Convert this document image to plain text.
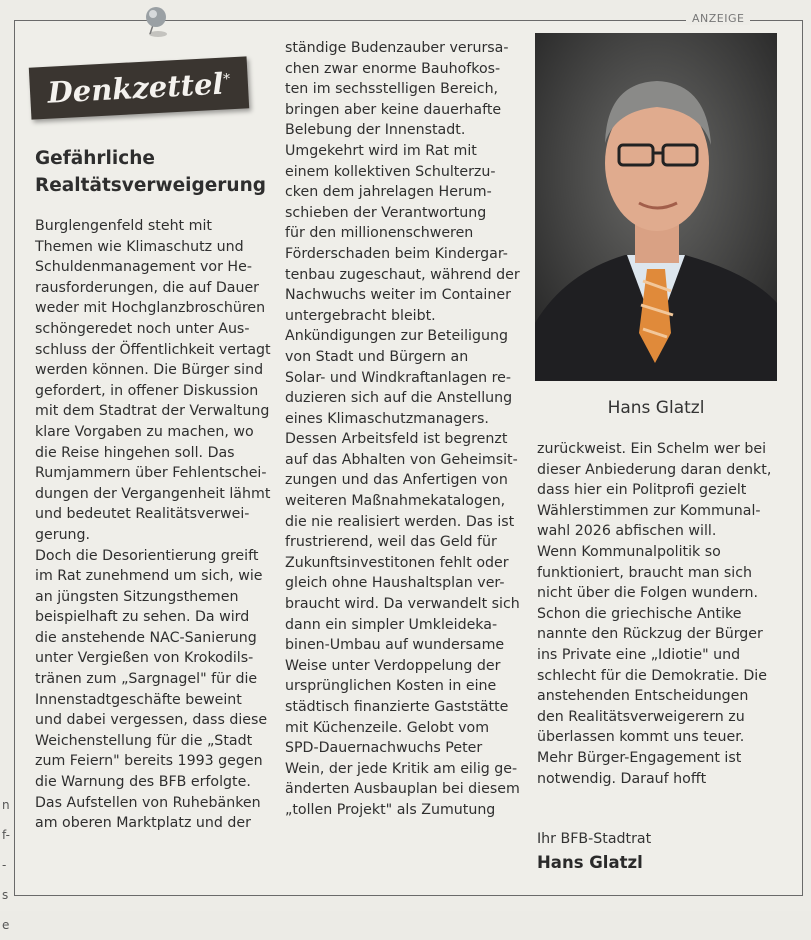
ANZEIGE
n
f-
-
s
e
Denkzettel
*
Gefährliche
Realtätsverweigerung
Burglengenfeld steht mit
Themen wie Klimaschutz und
Schuldenmanagement vor He-
rausforderungen, die auf Dauer
weder mit Hochglanzbroschüren
schöngeredet noch unter Aus-
schluss der Öffentlichkeit vertagt
werden können. Die Bürger sind
gefordert, in offener Diskussion
mit dem Stadtrat der Verwaltung
klare Vorgaben zu machen, wo
die Reise hingehen soll. Das
Rumjammern über Fehlentschei-
dungen der Vergangenheit lähmt
und bedeutet Realitätsverwei-
gerung.
Doch die Desorientierung greift
im Rat zunehmend um sich, wie
an jüngsten Sitzungsthemen
beispielhaft zu sehen. Da wird
die anstehende NAC-Sanierung
unter Vergießen von Krokodils-
tränen zum „Sargnagel" für die
Innenstadtgeschäfte beweint
und dabei vergessen, dass diese
Weichenstellung für die „Stadt
zum Feiern" bereits 1993 gegen
die Warnung des BFB erfolgte.
Das Aufstellen von Ruhebänken
am oberen Marktplatz und der
ständige Budenzauber verursa-
chen zwar enorme Bauhofkos-
ten im sechsstelligen Bereich,
bringen aber keine dauerhafte
Belebung der Innenstadt.
Umgekehrt wird im Rat mit
einem kollektiven Schulterzu-
cken dem jahrelagen Herum-
schieben der Verantwortung
für den millionenschweren
Förderschaden beim Kindergar-
tenbau zugeschaut, während der
Nachwuchs weiter im Container
untergebracht bleibt.
Ankündigungen zur Beteiligung
von Stadt und Bürgern an
Solar- und Windkraftanlagen re-
duzieren sich auf die Anstellung
eines Klimaschutzmanagers.
Dessen Arbeitsfeld ist begrenzt
auf das Abhalten von Geheimsit-
zungen und das Anfertigen von
weiteren Maßnahmekatalogen,
die nie realisiert werden. Das ist
frustrierend, weil das Geld für
Zukunftsinvestitonen fehlt oder
gleich ohne Haushaltsplan ver-
braucht wird. Da verwandelt sich
dann ein simpler Umkleideka-
binen-Umbau auf wundersame
Weise unter Verdoppelung der
ursprünglichen Kosten in eine
städtisch finanzierte Gaststätte
mit Küchenzeile. Gelobt vom
SPD-Dauernachwuchs Peter
Wein, der jede Kritik am eilig ge-
änderten Ausbauplan bei diesem
„tollen Projekt" als Zumutung
Hans Glatzl
zurückweist. Ein Schelm wer bei
dieser Anbiederung daran denkt,
dass hier ein Politprofi gezielt
Wählerstimmen zur Kommunal-
wahl 2026 abfischen will.
Wenn Kommunalpolitik so
funktioniert, braucht man sich
nicht über die Folgen wundern.
Schon die griechische Antike
nannte den Rückzug der Bürger
ins Private eine „Idiotie" und
schlecht für die Demokratie. Die
anstehenden Entscheidungen
den Realitätsverweigerern zu
überlassen kommt uns teuer.
Mehr Bürger-Engagement ist
notwendig. Darauf hofft
Ihr BFB-Stadtrat
Hans Glatzl
